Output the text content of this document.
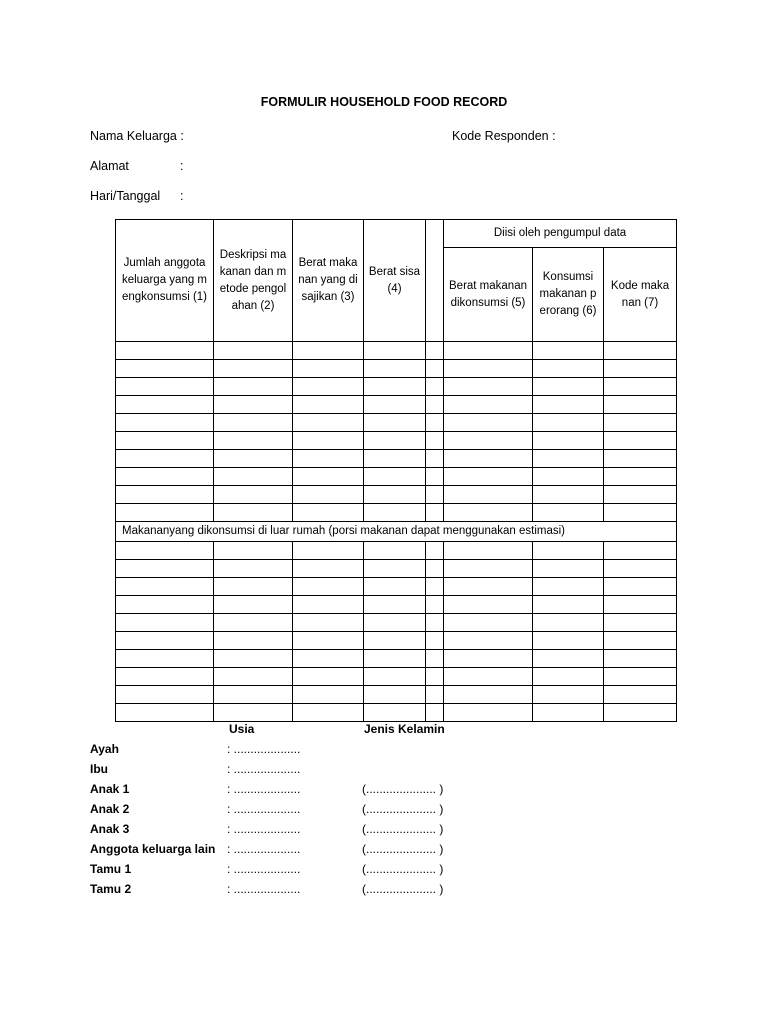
FORMULIR HOUSEHOLD FOOD RECORD
Nama Keluarga :	Kode Responden :
Alamat	:
Hari/Tanggal :
Jumlah anggota keluarga yang mengkonsumsi (1)	Deskripsi makanan dan metode pengolahan (2)	Berat makanan yang disajikan (3)	Berat sisa (4)		Diisi oleh pengumpul data		

					Berat makanan dikonsumsi (5)	Konsumsi makanan perorang (6)	Kode makanan (7)

Makananyang dikonsumsi di luar rumah (porsi makanan dapat menggunakan estimasi)							

Usia	Jenis Kelamin
Ayah	: ....................
Ibu	: ....................
Anak 1	: ....................	(..................... )
Anak 2	: ....................	(..................... )
Anak 3	: ....................	(..................... )
Anggota keluarga lain : ....................	(..................... )
Tamu 1	: ....................	(..................... )
Tamu 2	: ....................	(..................... )
